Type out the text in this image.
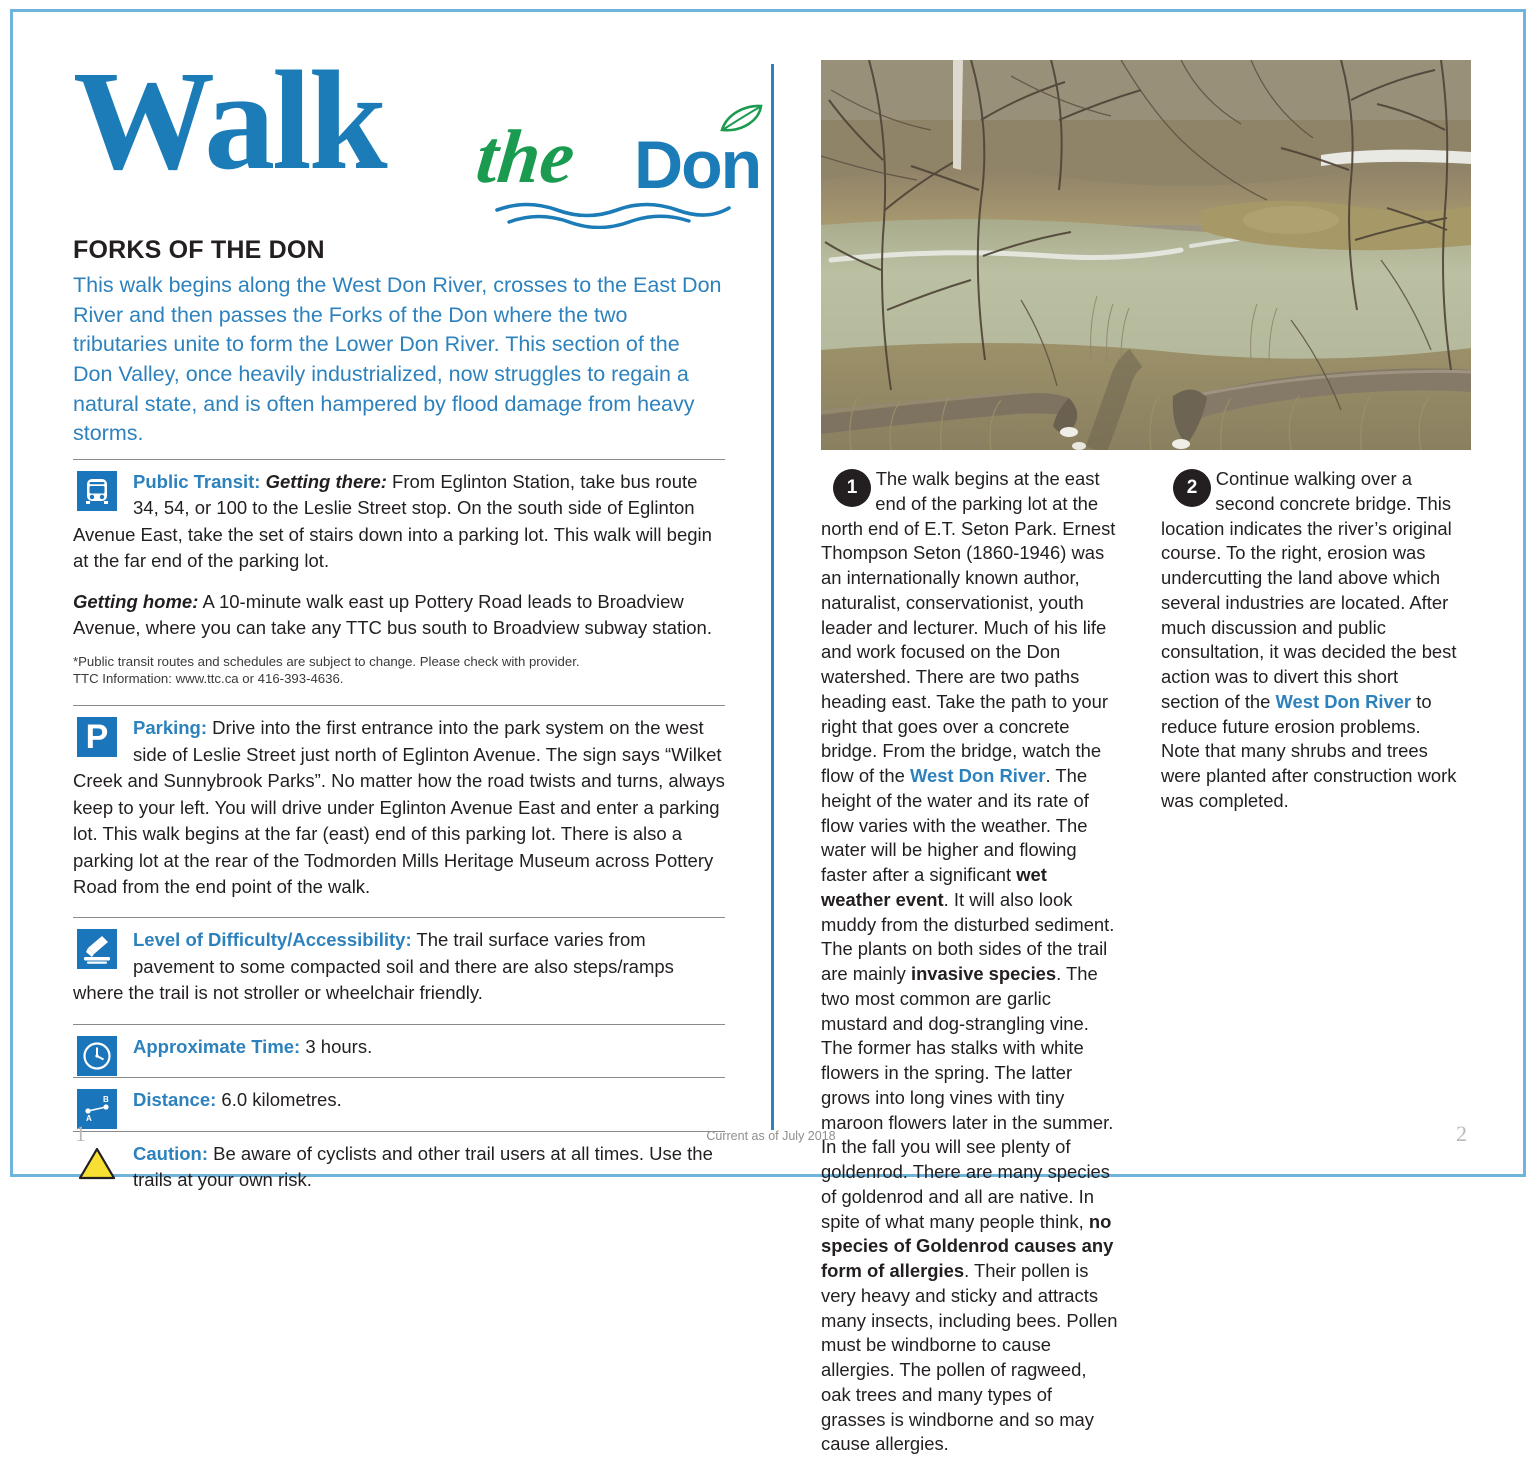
Walk the Don
FORKS OF THE DON
This walk begins along the West Don River, crosses to the East Don River and then passes the Forks of the Don where the two tributaries unite to form the Lower Don River. This section of the Don Valley, once heavily industrialized, now struggles to regain a natural state, and is often hampered by flood damage from heavy storms.
Public Transit: Getting there: From Eglinton Station, take bus route 34, 54, or 100 to the Leslie Street stop. On the south side of Eglinton Avenue East, take the set of stairs down into a parking lot. This walk will begin at the far end of the parking lot.
Getting home: A 10-minute walk east up Pottery Road leads to Broadview Avenue, where you can take any TTC bus south to Broadview subway station.
*Public transit routes and schedules are subject to change. Please check with provider.
TTC Information: www.ttc.ca or 416-393-4636.
P	Parking: Drive into the first entrance into the park system on the west side of Leslie Street just north of Eglinton Avenue. The sign says “Wilket Creek and Sunnybrook Parks”. No matter how the road twists and turns, always keep to your left. You will drive under Eglinton Avenue East and enter a parking lot. This walk begins at the far (east) end of this parking lot. There is also a parking lot at the rear of the Todmorden Mills Heritage Museum across Pottery Road from the end point of the walk.
Level of Difficulty/Accessibility: The trail surface varies from pavement to some compacted soil and there are also steps/ramps where the trail is not stroller or wheelchair friendly.
Approximate Time: 3 hours.
A
B	Distance: 6.0 kilometres.
Caution: Be aware of cyclists and other trail users at all times. Use the trails at your own risk.

1	The walk begins at the east end of the parking lot at the north end of E.T. Seton Park. Ernest Thompson Seton (1860-1946) was an internationally known author, naturalist, conservationist, youth leader and lecturer. Much of his life and work focused on the Don watershed. There are two paths heading east. Take the path to your right that goes over a concrete bridge. From the bridge, watch the flow of the West Don River. The height of the water and its rate of flow varies with the weather. The water will be higher and flowing faster after a significant wet weather event. It will also look muddy from the disturbed sediment. The plants on both sides of the trail are mainly invasive species. The two most common are garlic mustard and dog-strangling vine. The former has stalks with white flowers in the spring. The latter grows into long vines with tiny maroon flowers later in the summer. In the fall you will see plenty of goldenrod. There are many species of goldenrod and all are native. In spite of what many people think, no species of Goldenrod causes any form of allergies. Their pollen is very heavy and sticky and attracts many insects, including bees. Pollen must be windborne to cause allergies. The pollen of ragweed, oak trees and many types of grasses is windborne and so may cause allergies.

2	Continue walking over a second concrete bridge. This location indicates the river’s original course. To the right, erosion was undercutting the land above which several industries are located. After much discussion and public consultation, it was decided the best action was to divert this short section of the West Don River to reduce future erosion problems. Note that many shrubs and trees were planted after construction work was completed.

1	Current as of July 2018	2
